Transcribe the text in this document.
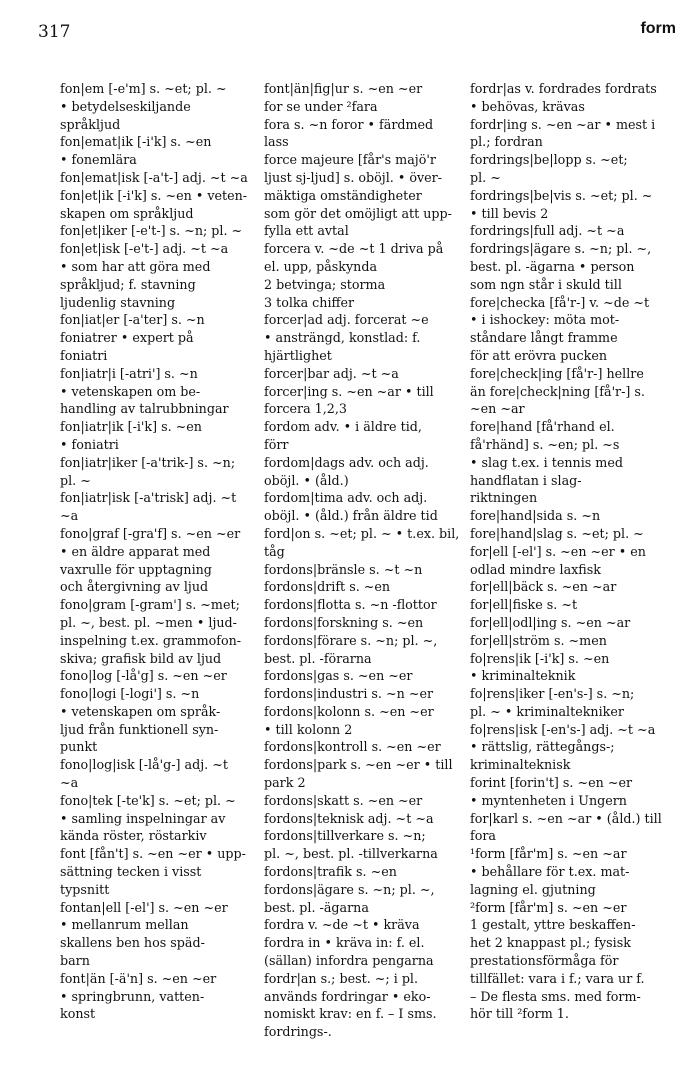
317	form
fon|em [-e'm] s. ~et; pl. ~
• betydelseskiljande
språkljud
fon|emat|ik [-i'k] s. ~en
• fonemlära
fon|emat|isk [-a't-] adj. ~t ~a
fon|et|ik [-i'k] s. ~en • veten-
skapen om språkljud
fon|et|iker [-e't-] s. ~n; pl. ~
fon|et|isk [-e't-] adj. ~t ~a
• som har att göra med
språkljud; f. stavning
ljudenlig stavning
fon|iat|er [-a'ter] s. ~n
foniatrer • expert på
foniatri
fon|iatr|i [-atri'] s. ~n
• vetenskapen om be-
handling av talrubbningar
fon|iatr|ik [-i'k] s. ~en
• foniatri
fon|iatr|iker [-a'trik-] s. ~n;
pl. ~
fon|iatr|isk [-a'trisk] adj. ~t
~a
fono|graf [-gra'f] s. ~en ~er
• en äldre apparat med
vaxrulle för upptagning
och återgivning av ljud
fono|gram [-gram'] s. ~met;
pl. ~, best. pl. ~men • ljud-
inspelning t.ex. grammofon-
skiva; grafisk bild av ljud
fono|log [-lå'g] s. ~en ~er
fono|logi [-logi'] s. ~n
• vetenskapen om språk-
ljud från funktionell syn-
punkt
fono|log|isk [-lå'g-] adj. ~t
~a
fono|tek [-te'k] s. ~et; pl. ~
• samling inspelningar av
kända röster, röstarkiv
font [fån't] s. ~en ~er • upp-
sättning tecken i visst
typsnitt
fontan|ell [-el'] s. ~en ~er
• mellanrum mellan
skallens ben hos späd-
barn
font|än [-ä'n] s. ~en ~er
• springbrunn, vatten-
konst
font|än|fig|ur s. ~en ~er
for se under ²fara
fora s. ~n foror • färdmed lass
force majeure [får's majö'r
ljust sj-ljud] s. oböjl. • över-
mäktiga omständigheter
som gör det omöjligt att upp-
fylla ett avtal
forcera v. ~de ~t 1 driva på
el. upp, påskynda
2 betvinga; storma
3 tolka chiffer
forcer|ad adj. forcerat ~e
• ansträngd, konstlad: f.
hjärtlighet
forcer|bar adj. ~t ~a
forcer|ing s. ~en ~ar • till
forcera 1,2,3
fordom adv. • i äldre tid,
förr
fordom|dags adv. och adj.
oböjl. • (åld.)
fordom|tima adv. och adj.
oböjl. • (åld.) från äldre tid
ford|on s. ~et; pl. ~ • t.ex. bil,
tåg
fordons|bränsle s. ~t ~n
fordons|drift s. ~en
fordons|flotta s. ~n -flottor
fordons|forskning s. ~en
fordons|förare s. ~n; pl. ~,
best. pl. -förarna
fordons|gas s. ~en ~er
fordons|industri s. ~n ~er
fordons|kolonn s. ~en ~er
• till kolonn 2
fordons|kontroll s. ~en ~er
fordons|park s. ~en ~er • till
park 2
fordons|skatt s. ~en ~er
fordons|teknisk adj. ~t ~a
fordons|tillverkare s. ~n;
pl. ~, best. pl. -tillverkarna
fordons|trafik s. ~en
fordons|ägare s. ~n; pl. ~,
best. pl. -ägarna
fordra v. ~de ~t • kräva
fordra in • kräva in: f. el.
(sällan) infordra pengarna
fordr|an s.; best. ~; i pl.
används fordringar • eko-
nomiskt krav: en f. – I sms.
fordrings-.
fordr|as v. fordrades fordrats
• behövas, krävas
fordr|ing s. ~en ~ar • mest i
pl.; fordran
fordrings|be|lopp s. ~et;
pl. ~
fordrings|be|vis s. ~et; pl. ~
• till bevis 2
fordrings|full adj. ~t ~a
fordrings|ägare s. ~n; pl. ~,
best. pl. -ägarna • person
som ngn står i skuld till
fore|checka [få'r-] v. ~de ~t
• i ishockey: möta mot-
ståndare långt framme
för att erövra pucken
fore|check|ing [få'r-] hellre
än fore|check|ning [få'r-] s.
~en ~ar
fore|hand [få'rhand el.
få'rhänd] s. ~en; pl. ~s
• slag t.ex. i tennis med
handflatan i slag-
riktningen
fore|hand|sida s. ~n
fore|hand|slag s. ~et; pl. ~
for|ell [-el'] s. ~en ~er • en
odlad mindre laxfisk
for|ell|bäck s. ~en ~ar
for|ell|fiske s. ~t
for|ell|odl|ing s. ~en ~ar
for|ell|ström s. ~men
fo|rens|ik [-i'k] s. ~en
• kriminalteknik
fo|rens|iker [-en's-] s. ~n;
pl. ~ • kriminaltekniker
fo|rens|isk [-en's-] adj. ~t ~a
• rättslig, rättegångs-;
kriminalteknisk
forint [forin't] s. ~en ~er
• myntenheten i Ungern
for|karl s. ~en ~ar • (åld.) till
fora
¹form [får'm] s. ~en ~ar
• behållare för t.ex. mat-
lagning el. gjutning
²form [får'm] s. ~en ~er
1 gestalt, yttre beskaffen-
het 2 knappast pl.; fysisk
prestationsförmåga för
tillfället: vara i f.; vara ur f.
– De flesta sms. med form-
hör till ²form 1.
